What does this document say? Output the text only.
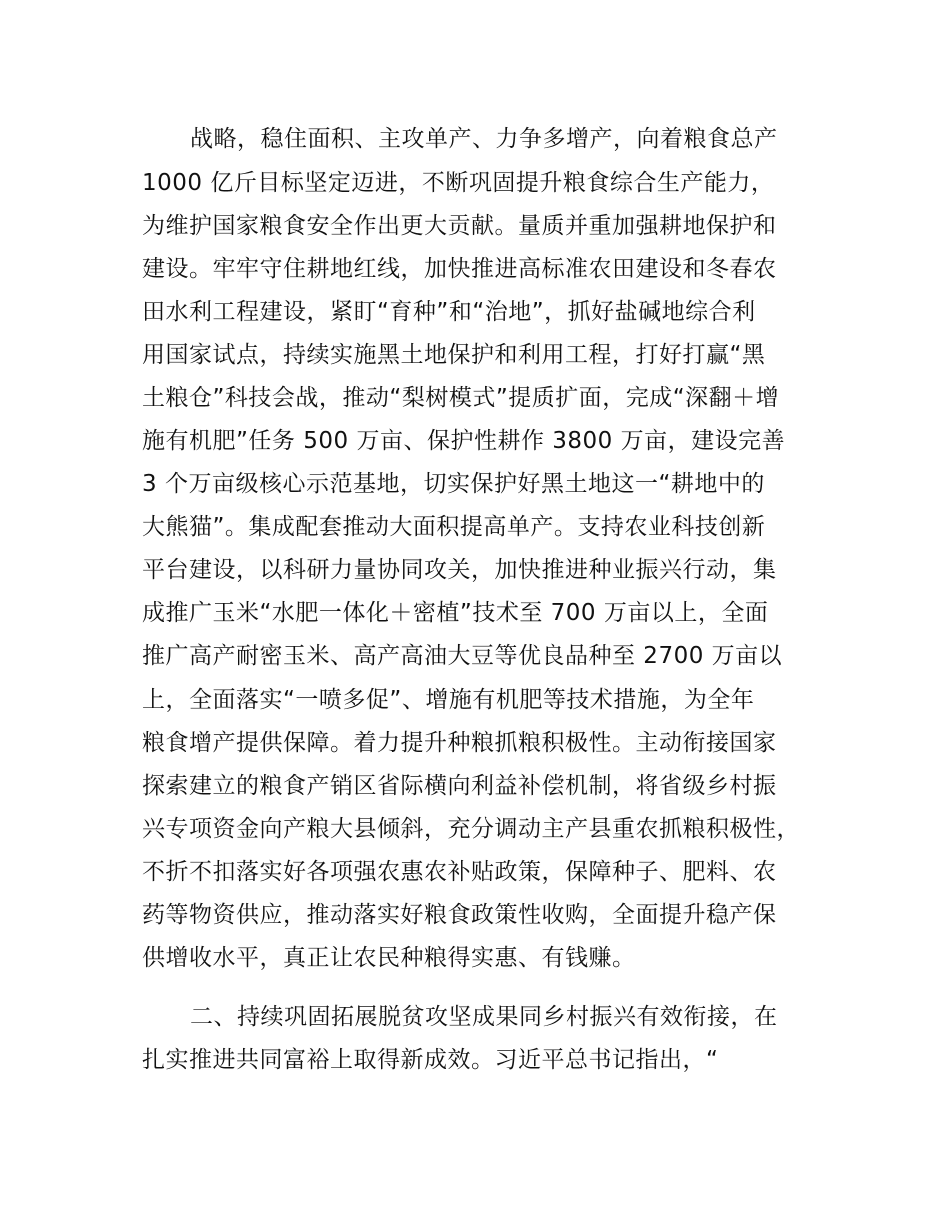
战略，稳住面积、主攻单产、力争多增产，向着粮食总产
1000 亿斤目标坚定迈进，不断巩固提升粮食综合生产能力，
为维护国家粮食安全作出更大贡献。量质并重加强耕地保护和
建设。牢牢守住耕地红线，加快推进高标准农田建设和冬春农
田水利工程建设，紧盯“育种”和“治地”，抓好盐碱地综合利
用国家试点，持续实施黑土地保护和利用工程，打好打赢“黑
土粮仓”科技会战，推动“梨树模式”提质扩面，完成“深翻＋增
施有机肥”任务 500 万亩、保护性耕作 3800 万亩，建设完善
3 个万亩级核心示范基地，切实保护好黑土地这一“耕地中的
大熊猫”。集成配套推动大面积提高单产。支持农业科技创新
平台建设，以科研力量协同攻关，加快推进种业振兴行动，集
成推广玉米“水肥一体化＋密植”技术至 700 万亩以上，全面
推广高产耐密玉米、高产高油大豆等优良品种至 2700 万亩以
上，全面落实“一喷多促”、增施有机肥等技术措施，为全年
粮食增产提供保障。着力提升种粮抓粮积极性。主动衔接国家
探索建立的粮食产销区省际横向利益补偿机制，将省级乡村振
兴专项资金向产粮大县倾斜，充分调动主产县重农抓粮积极性，
不折不扣落实好各项强农惠农补贴政策，保障种子、肥料、农
药等物资供应，推动落实好粮食政策性收购，全面提升稳产保
供增收水平，真正让农民种粮得实惠、有钱赚。
二、持续巩固拓展脱贫攻坚成果同乡村振兴有效衔接，在
扎实推进共同富裕上取得新成效。习近平总书记指出，“
